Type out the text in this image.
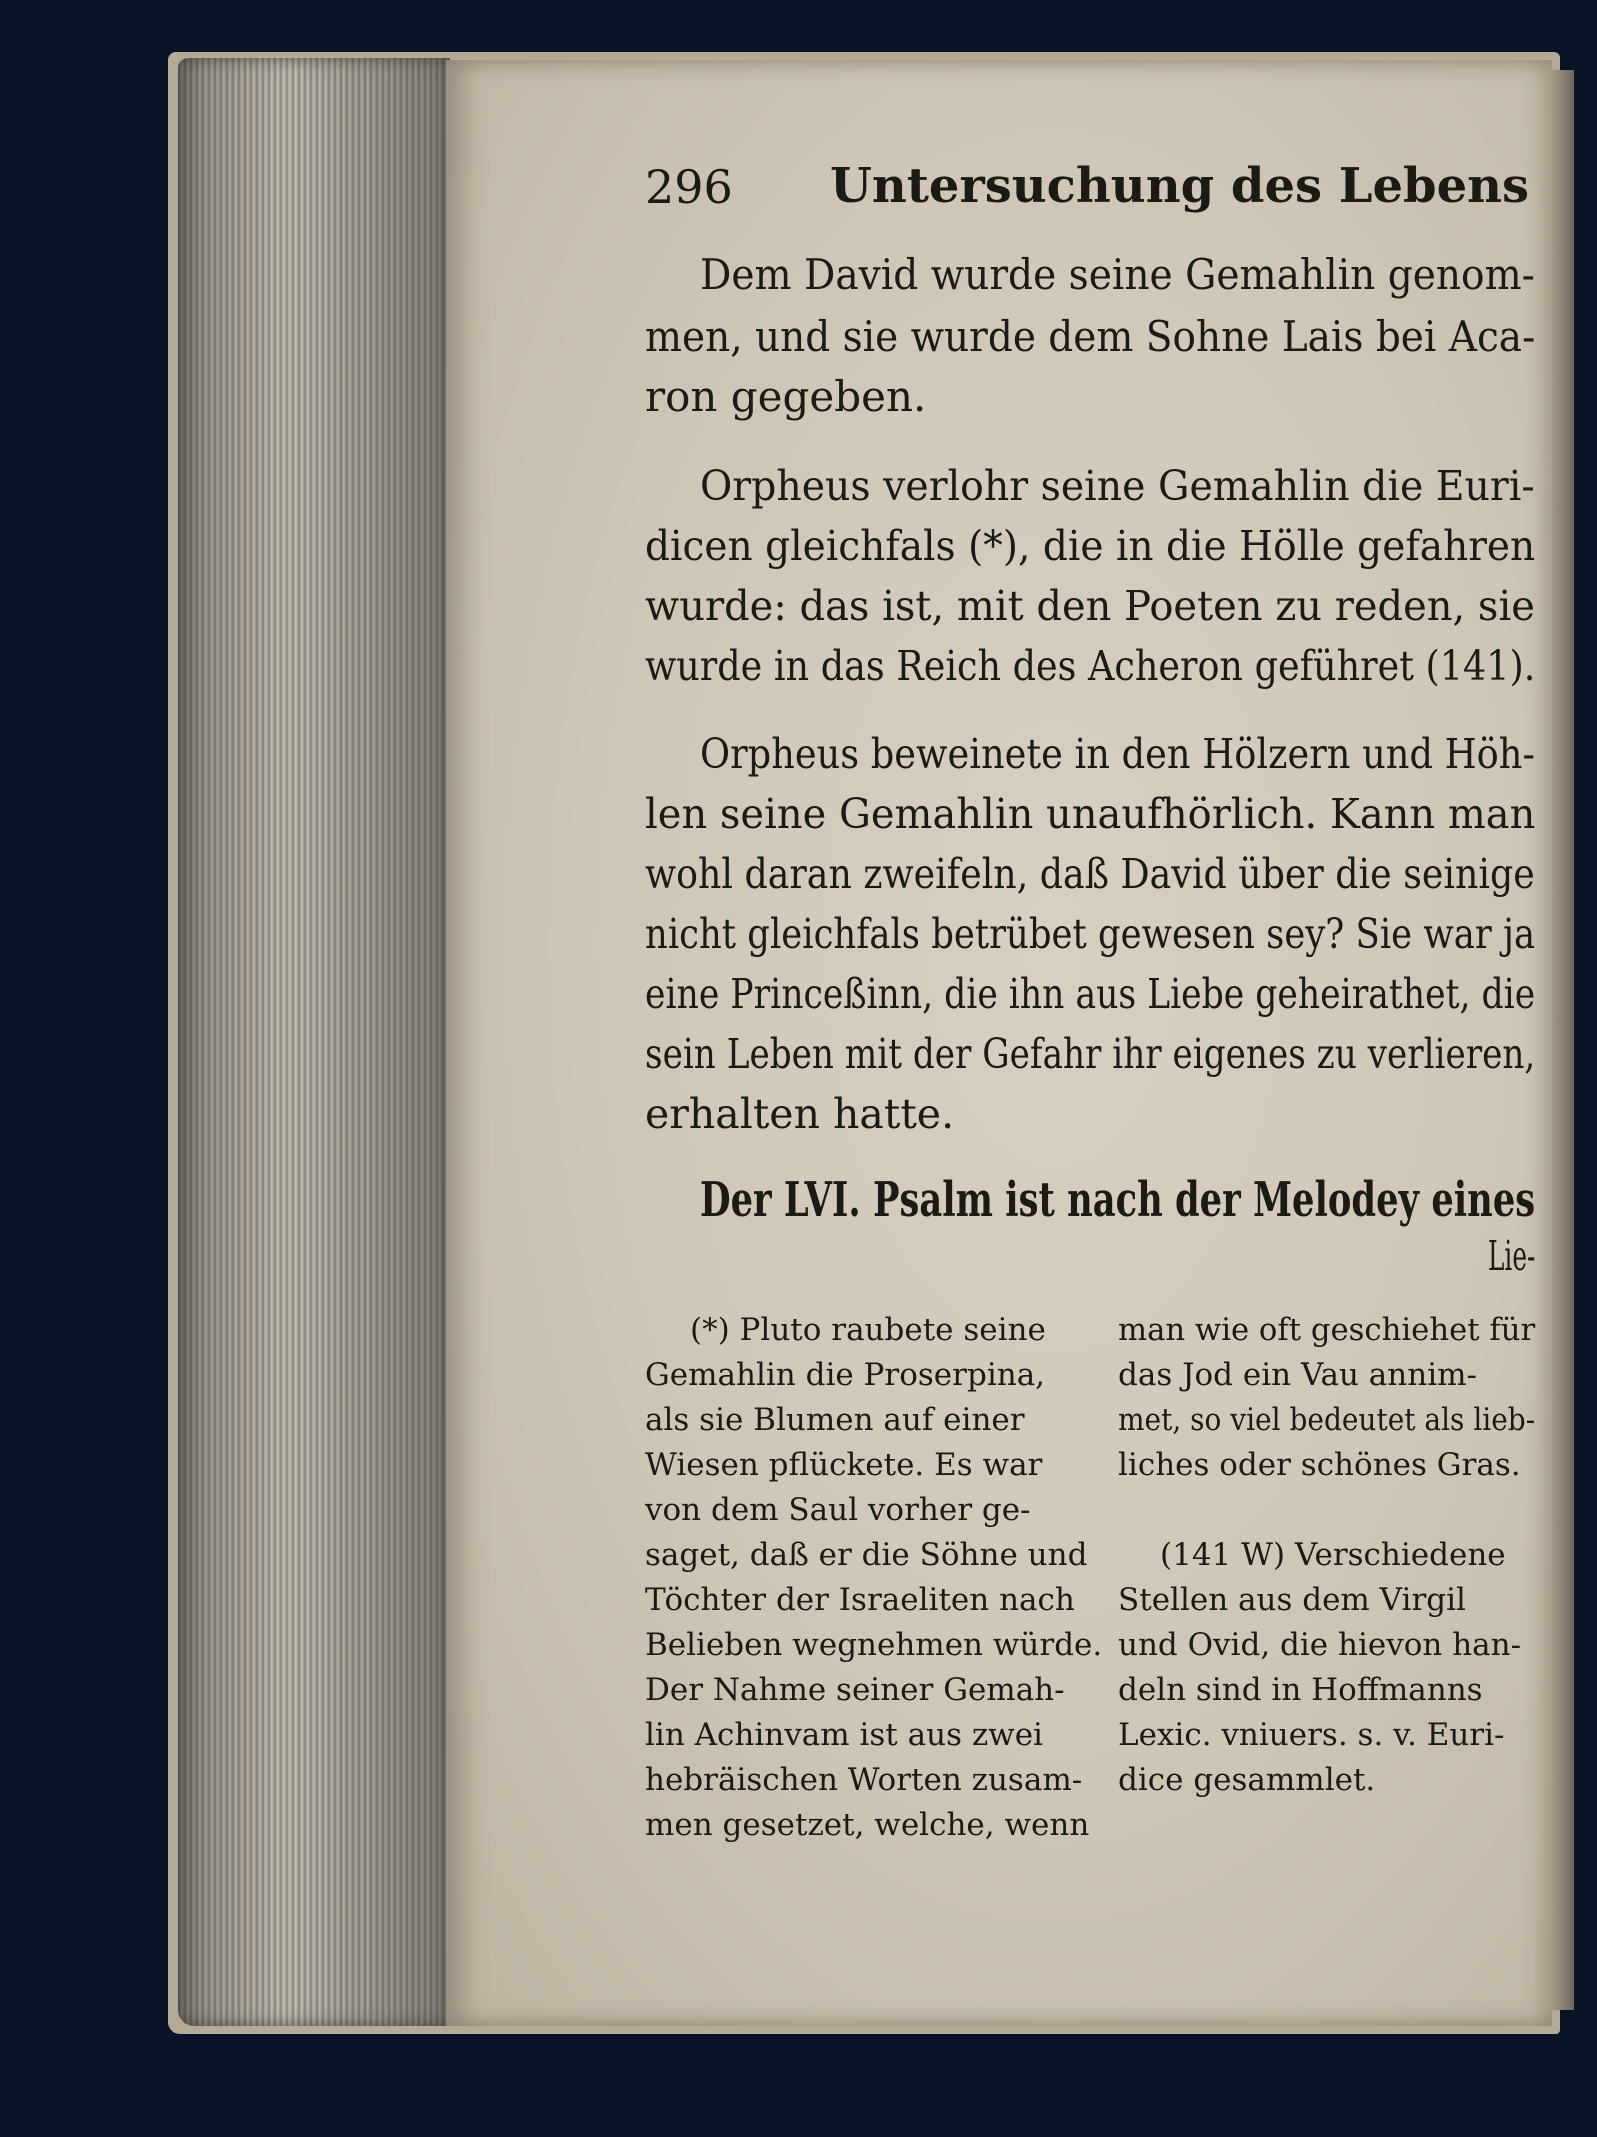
296 Untersuchung des Lebens
Dem David wurde seine Gemahlin genom-
men, und sie wurde dem Sohne Lais bei Aca-
ron gegeben.
Orpheus verlohr seine Gemahlin die Euri-
dicen gleichfals (*), die in die Hölle gefahren
wurde: das ist, mit den Poeten zu reden, sie
wurde in das Reich des Acheron geführet (141).
Orpheus beweinete in den Hölzern und Höh-
len seine Gemahlin unaufhörlich. Kann man
wohl daran zweifeln, daß David über die seinige
nicht gleichfals betrübet gewesen sey? Sie war ja
eine Princeßinn, die ihn aus Liebe geheirathet, die
sein Leben mit der Gefahr ihr eigenes zu verlieren,
erhalten hatte.
Der LVI. Psalm ist nach der Melodey eines
Lie-
(*) Pluto raubete seine
Gemahlin die Proserpina,
als sie Blumen auf einer
Wiesen pflückete. Es war
von dem Saul vorher ge-
saget, daß er die Söhne und
Töchter der Israeliten nach
Belieben wegnehmen würde.
Der Nahme seiner Gemah-
lin Achinvam ist aus zwei
hebräischen Worten zusam-
men gesetzet, welche, wenn
man wie oft geschiehet für
das Jod ein Vau annim-
met, so viel bedeutet als lieb-
liches oder schönes Gras.
(141 W) Verschiedene
Stellen aus dem Virgil
und Ovid, die hievon han-
deln sind in Hoffmanns
Lexic. vniuers. s. v. Euri-
dice gesammlet.
